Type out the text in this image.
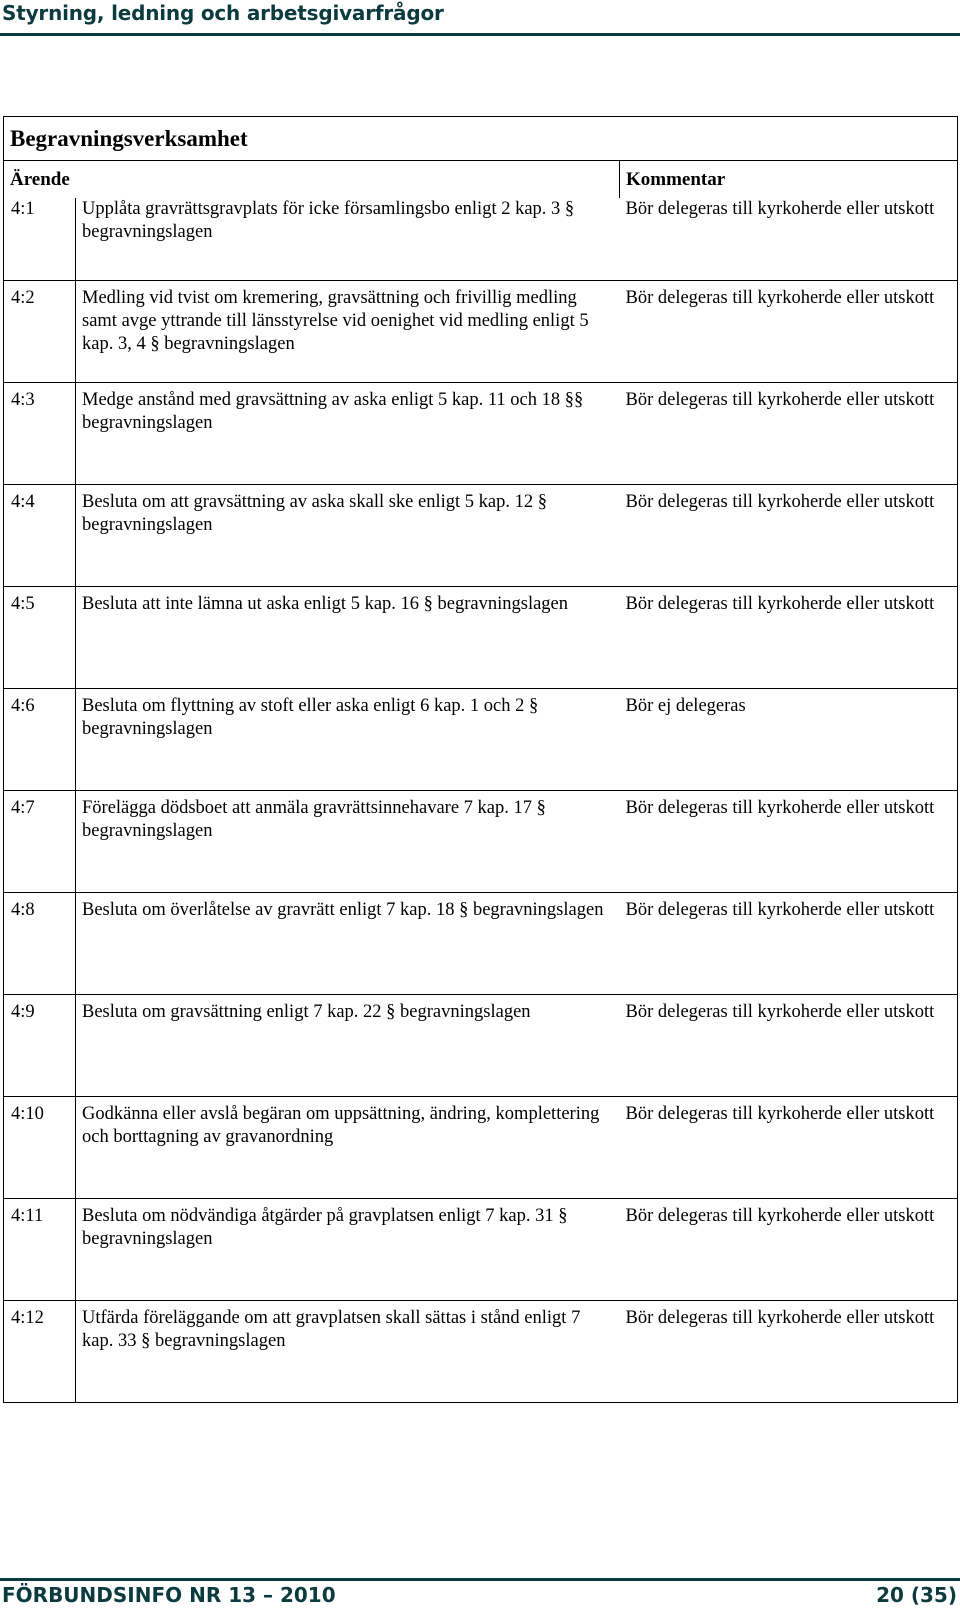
Styrning, ledning och arbetsgivarfrågor
Begravningsverksamhet		
Ärende		Kommentar
4:1	Upplåta gravrättsgravplats för icke församlingsbo enligt 2 kap. 3 § begravningslagen	Bör delegeras till kyrkoherde eller utskott
4:2	Medling vid tvist om kremering, gravsättning och frivillig medling samt avge yttrande till länsstyrelse vid oenighet vid medling enligt 5 kap. 3, 4 § begravningslagen	Bör delegeras till kyrkoherde eller utskott
4:3	Medge anstånd med gravsättning av aska enligt 5 kap. 11 och 18 §§ begravningslagen	Bör delegeras till kyrkoherde eller utskott
4:4	Besluta om att gravsättning av aska skall ske enligt 5 kap. 12 § begravningslagen	Bör delegeras till kyrkoherde eller utskott
4:5	Besluta att inte lämna ut aska enligt 5 kap. 16 § begravningslagen	Bör delegeras till kyrkoherde eller utskott
4:6	Besluta om flyttning av stoft eller aska enligt 6 kap. 1 och 2 § begravningslagen	Bör ej delegeras
4:7	Förelägga dödsboet att anmäla gravrättsinnehavare 7 kap. 17 § begravningslagen	Bör delegeras till kyrkoherde eller utskott
4:8	Besluta om överlåtelse av gravrätt enligt 7 kap. 18 § begravningslagen	Bör delegeras till kyrkoherde eller utskott
4:9	Besluta om gravsättning enligt 7 kap. 22 § begravningslagen	Bör delegeras till kyrkoherde eller utskott
4:10	Godkänna eller avslå begäran om uppsättning, ändring, komplettering och borttagning av gravanordning	Bör delegeras till kyrkoherde eller utskott
4:11	Besluta om nödvändiga åtgärder på gravplatsen enligt 7 kap. 31 § begravningslagen	Bör delegeras till kyrkoherde eller utskott
4:12	Utfärda föreläggande om att gravplatsen skall sättas i stånd enligt 7 kap. 33 § begravningslagen	Bör delegeras till kyrkoherde eller utskott
FÖRBUNDSINFO NR 13 – 2010	20 (35)
